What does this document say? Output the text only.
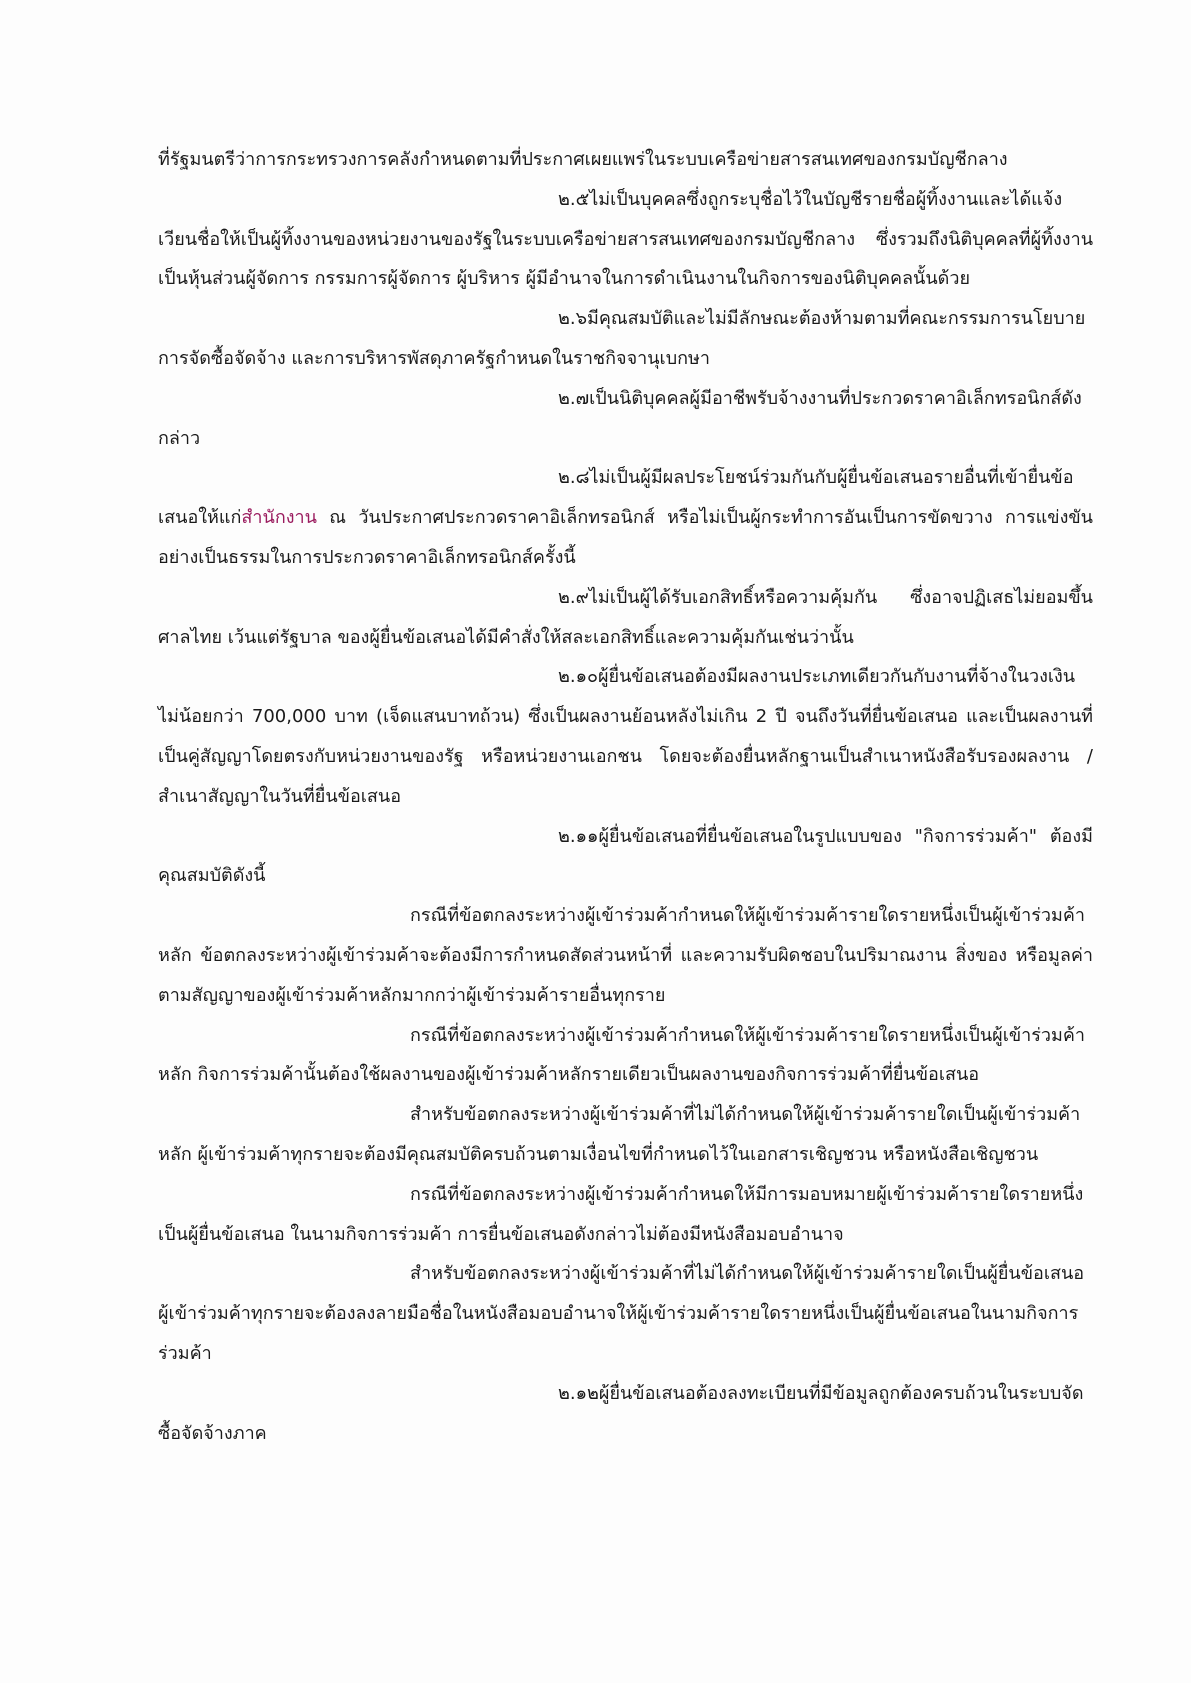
ที่รัฐมนตรีว่าการกระทรวงการคลังกำหนดตามที่ประกาศเผยแพร่ในระบบเครือข่ายสารสนเทศของกรมบัญชีกลาง

๒.๕ไม่เป็นบุคคลซึ่งถูกระบุชื่อไว้ในบัญชีรายชื่อผู้ทิ้งงานและได้แจ้งเวียนชื่อให้เป็นผู้ทิ้งงานของหน่วยงานของรัฐในระบบเครือข่ายสารสนเทศของกรมบัญชีกลาง ซึ่งรวมถึงนิติบุคคลที่ผู้ทิ้งงานเป็นหุ้นส่วนผู้จัดการ กรรมการผู้จัดการ ผู้บริหาร ผู้มีอำนาจในการดำเนินงานในกิจการของนิติบุคคลนั้นด้วย

๒.๖มีคุณสมบัติและไม่มีลักษณะต้องห้ามตามที่คณะกรรมการนโยบายการจัดซื้อจัดจ้าง และการบริหารพัสดุภาครัฐกำหนดในราชกิจจานุเบกษา

๒.๗เป็นนิติบุคคลผู้มีอาชีพรับจ้างงานที่ประกวดราคาอิเล็กทรอนิกส์ดังกล่าว

๒.๘ไม่เป็นผู้มีผลประโยชน์ร่วมกันกับผู้ยื่นข้อเสนอรายอื่นที่เข้ายื่นข้อเสนอให้แก่สำนักงาน ณ วันประกาศประกวดราคาอิเล็กทรอนิกส์ หรือไม่เป็นผู้กระทำการอันเป็นการขัดขวาง การแข่งขันอย่างเป็นธรรมในการประกวดราคาอิเล็กทรอนิกส์ครั้งนี้

๒.๙ไม่เป็นผู้ได้รับเอกสิทธิ์หรือความคุ้มกัน ซึ่งอาจปฏิเสธไม่ยอมขึ้นศาลไทย เว้นแต่รัฐบาล ของผู้ยื่นข้อเสนอได้มีคำสั่งให้สละเอกสิทธิ์และความคุ้มกันเช่นว่านั้น

๒.๑๐ผู้ยื่นข้อเสนอต้องมีผลงานประเภทเดียวกันกับงานที่จ้างในวงเงินไม่น้อยกว่า 700,000 บาท (เจ็ดแสนบาทถ้วน) ซึ่งเป็นผลงานย้อนหลังไม่เกิน 2 ปี จนถึงวันที่ยื่นข้อเสนอ และเป็นผลงานที่เป็นคู่สัญญาโดยตรงกับหน่วยงานของรัฐ หรือหน่วยงานเอกชน โดยจะต้องยื่นหลักฐานเป็นสำเนาหนังสือรับรองผลงาน / สำเนาสัญญาในวันที่ยื่นข้อเสนอ

๒.๑๑ผู้ยื่นข้อเสนอที่ยื่นข้อเสนอในรูปแบบของ "กิจการร่วมค้า" ต้องมีคุณสมบัติดังนี้

กรณีที่ข้อตกลงระหว่างผู้เข้าร่วมค้ากำหนดให้ผู้เข้าร่วมค้ารายใดรายหนึ่งเป็นผู้เข้าร่วมค้าหลัก ข้อตกลงระหว่างผู้เข้าร่วมค้าจะต้องมีการกำหนดสัดส่วนหน้าที่ และความรับผิดชอบในปริมาณงาน สิ่งของ หรือมูลค่าตามสัญญาของผู้เข้าร่วมค้าหลักมากกว่าผู้เข้าร่วมค้ารายอื่นทุกราย

กรณีที่ข้อตกลงระหว่างผู้เข้าร่วมค้ากำหนดให้ผู้เข้าร่วมค้ารายใดรายหนึ่งเป็นผู้เข้าร่วมค้าหลัก กิจการร่วมค้านั้นต้องใช้ผลงานของผู้เข้าร่วมค้าหลักรายเดียวเป็นผลงานของกิจการร่วมค้าที่ยื่นข้อเสนอ

สำหรับข้อตกลงระหว่างผู้เข้าร่วมค้าที่ไม่ได้กำหนดให้ผู้เข้าร่วมค้ารายใดเป็นผู้เข้าร่วมค้าหลัก ผู้เข้าร่วมค้าทุกรายจะต้องมีคุณสมบัติครบถ้วนตามเงื่อนไขที่กำหนดไว้ในเอกสารเชิญชวน หรือหนังสือเชิญชวน

กรณีที่ข้อตกลงระหว่างผู้เข้าร่วมค้ากำหนดให้มีการมอบหมายผู้เข้าร่วมค้ารายใดรายหนึ่งเป็นผู้ยื่นข้อเสนอ ในนามกิจการร่วมค้า การยื่นข้อเสนอดังกล่าวไม่ต้องมีหนังสือมอบอำนาจ

สำหรับข้อตกลงระหว่างผู้เข้าร่วมค้าที่ไม่ได้กำหนดให้ผู้เข้าร่วมค้ารายใดเป็นผู้ยื่นข้อเสนอ ผู้เข้าร่วมค้าทุกรายจะต้องลงลายมือชื่อในหนังสือมอบอำนาจให้ผู้เข้าร่วมค้ารายใดรายหนึ่งเป็นผู้ยื่นข้อเสนอในนามกิจการร่วมค้า

๒.๑๒ผู้ยื่นข้อเสนอต้องลงทะเบียนที่มีข้อมูลถูกต้องครบถ้วนในระบบจัดซื้อจัดจ้างภาค
